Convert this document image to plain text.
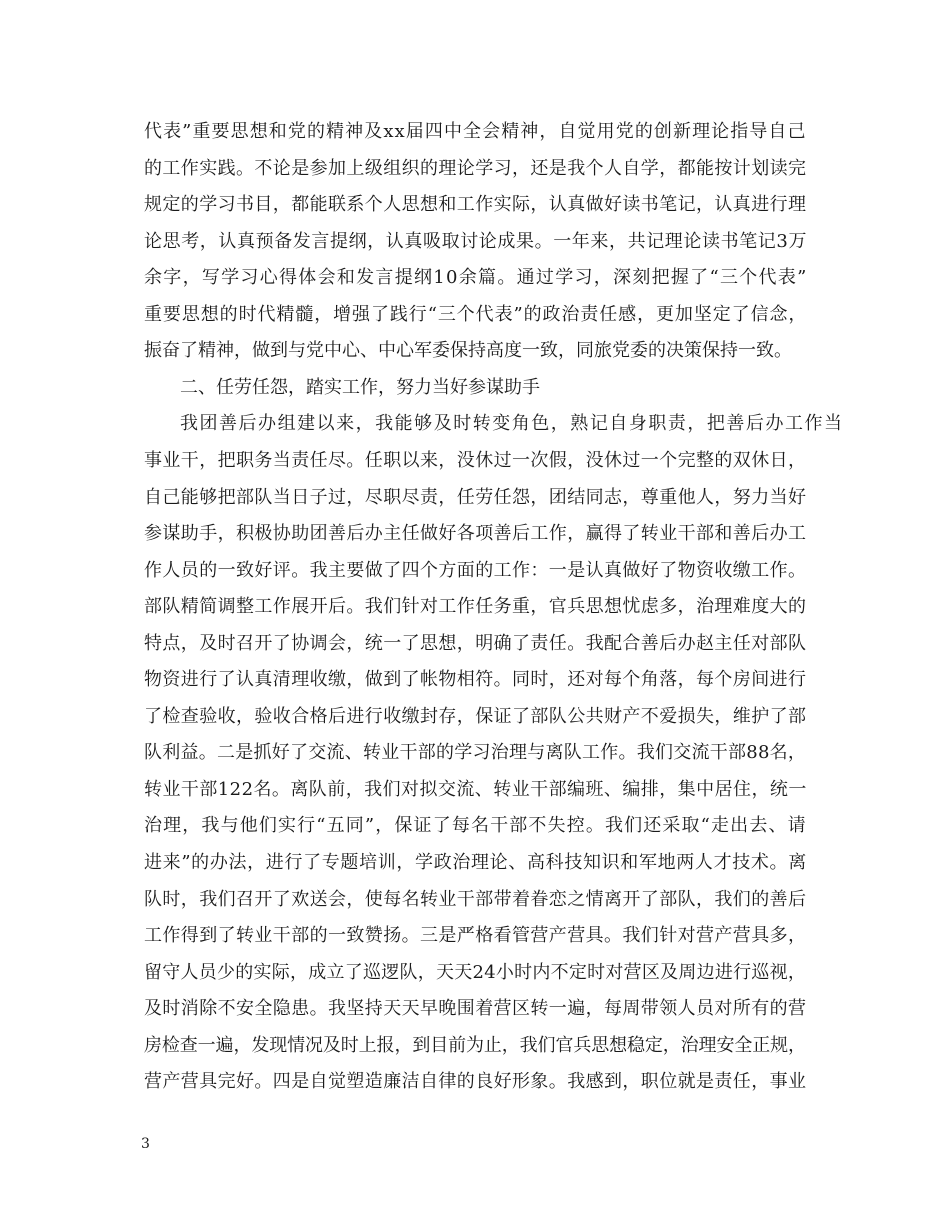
代表”重要思想和党的精神及xx届四中全会精神，自觉用党的创新理论指导自己
的工作实践。不论是参加上级组织的理论学习，还是我个人自学，都能按计划读完
规定的学习书目，都能联系个人思想和工作实际，认真做好读书笔记，认真进行理
论思考，认真预备发言提纲，认真吸取讨论成果。一年来，共记理论读书笔记3万
余字，写学习心得体会和发言提纲10余篇。通过学习，深刻把握了“三个代表”
重要思想的时代精髓，增强了践行“三个代表”的政治责任感，更加坚定了信念，
振奋了精神，做到与党中心、中心军委保持高度一致，同旅党委的决策保持一致。
二、任劳任怨，踏实工作，努力当好参谋助手
我团善后办组建以来，我能够及时转变角色，熟记自身职责，把善后办工作当
事业干，把职务当责任尽。任职以来，没休过一次假，没休过一个完整的双休日，
自己能够把部队当日子过，尽职尽责，任劳任怨，团结同志，尊重他人，努力当好
参谋助手，积极协助团善后办主任做好各项善后工作，赢得了转业干部和善后办工
作人员的一致好评。我主要做了四个方面的工作：一是认真做好了物资收缴工作。
部队精简调整工作展开后。我们针对工作任务重，官兵思想忧虑多，治理难度大的
特点，及时召开了协调会，统一了思想，明确了责任。我配合善后办赵主任对部队
物资进行了认真清理收缴，做到了帐物相符。同时，还对每个角落，每个房间进行
了检查验收，验收合格后进行收缴封存，保证了部队公共财产不爱损失，维护了部
队利益。二是抓好了交流、转业干部的学习治理与离队工作。我们交流干部88名，
转业干部122名。离队前，我们对拟交流、转业干部编班、编排，集中居住，统一
治理，我与他们实行“五同”，保证了每名干部不失控。我们还采取“走出去、请
进来”的办法，进行了专题培训，学政治理论、高科技知识和军地两人才技术。离
队时，我们召开了欢送会，使每名转业干部带着眷恋之情离开了部队，我们的善后
工作得到了转业干部的一致赞扬。三是严格看管营产营具。我们针对营产营具多，
留守人员少的实际，成立了巡逻队，天天24小时内不定时对营区及周边进行巡视，
及时消除不安全隐患。我坚持天天早晚围着营区转一遍，每周带领人员对所有的营
房检查一遍，发现情况及时上报，到目前为止，我们官兵思想稳定，治理安全正规，
营产营具完好。四是自觉塑造廉洁自律的良好形象。我感到，职位就是责任，事业
3
